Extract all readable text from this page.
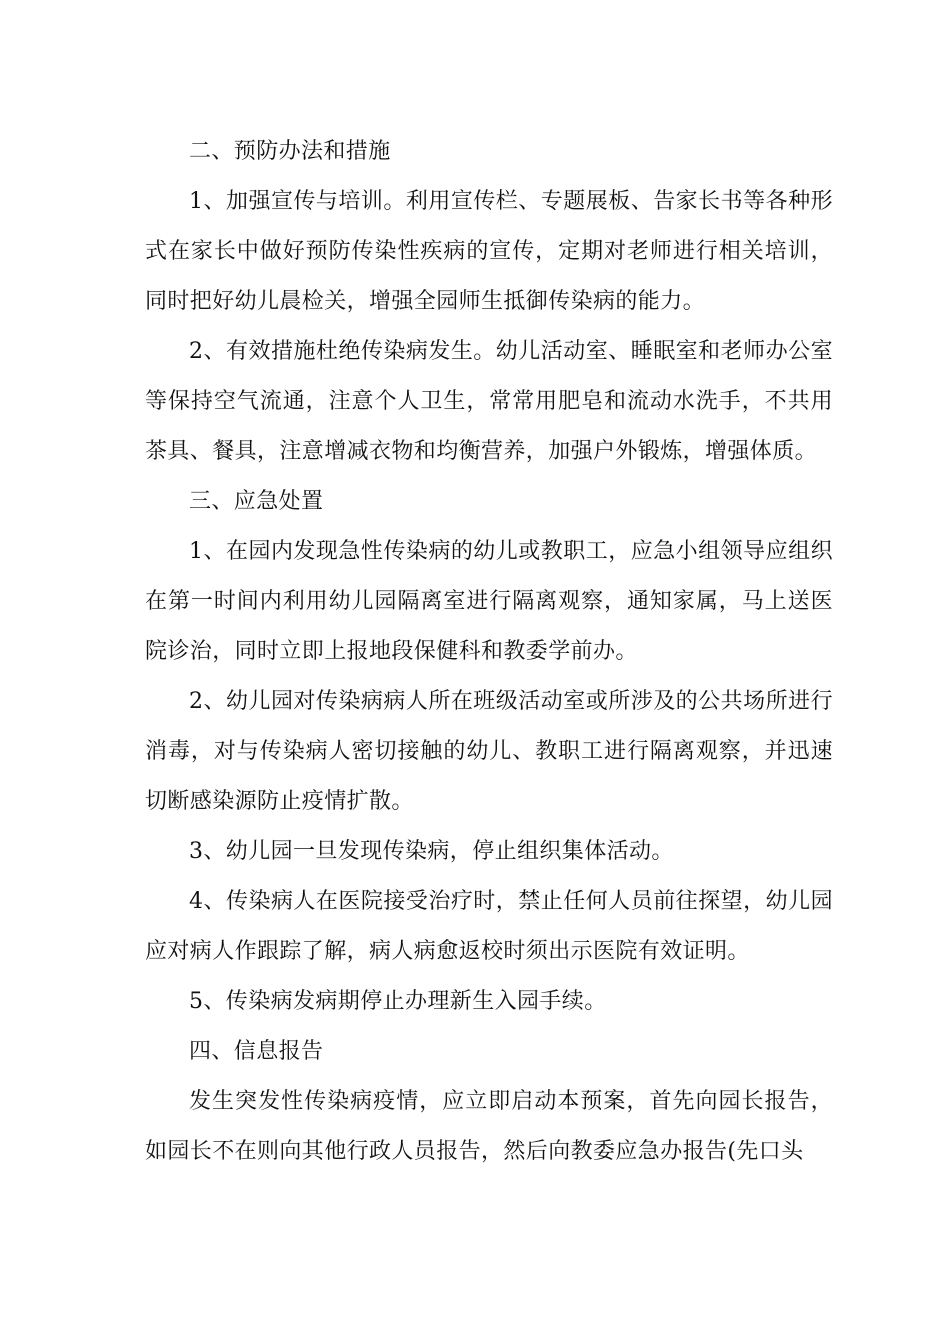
二、预防办法和措施

1、加强宣传与培训。利用宣传栏、专题展板、告家长书等各种形式在家长中做好预防传染性疾病的宣传，定期对老师进行相关培训，同时把好幼儿晨检关，增强全园师生抵御传染病的能力。

2、有效措施杜绝传染病发生。幼儿活动室、睡眠室和老师办公室等保持空气流通，注意个人卫生，常常用肥皂和流动水洗手，不共用茶具、餐具，注意增减衣物和均衡营养，加强户外锻炼，增强体质。

三、应急处置

1、在园内发现急性传染病的幼儿或教职工，应急小组领导应组织在第一时间内利用幼儿园隔离室进行隔离观察，通知家属，马上送医院诊治，同时立即上报地段保健科和教委学前办。

2、幼儿园对传染病病人所在班级活动室或所涉及的公共场所进行消毒，对与传染病人密切接触的幼儿、教职工进行隔离观察，并迅速切断感染源防止疫情扩散。

3、幼儿园一旦发现传染病，停止组织集体活动。

4、传染病人在医院接受治疗时，禁止任何人员前往探望，幼儿园应对病人作跟踪了解，病人病愈返校时须出示医院有效证明。

5、传染病发病期停止办理新生入园手续。

四、信息报告

发生突发性传染病疫情，应立即启动本预案，首先向园长报告，如园长不在则向其他行政人员报告，然后向教委应急办报告(先口头
